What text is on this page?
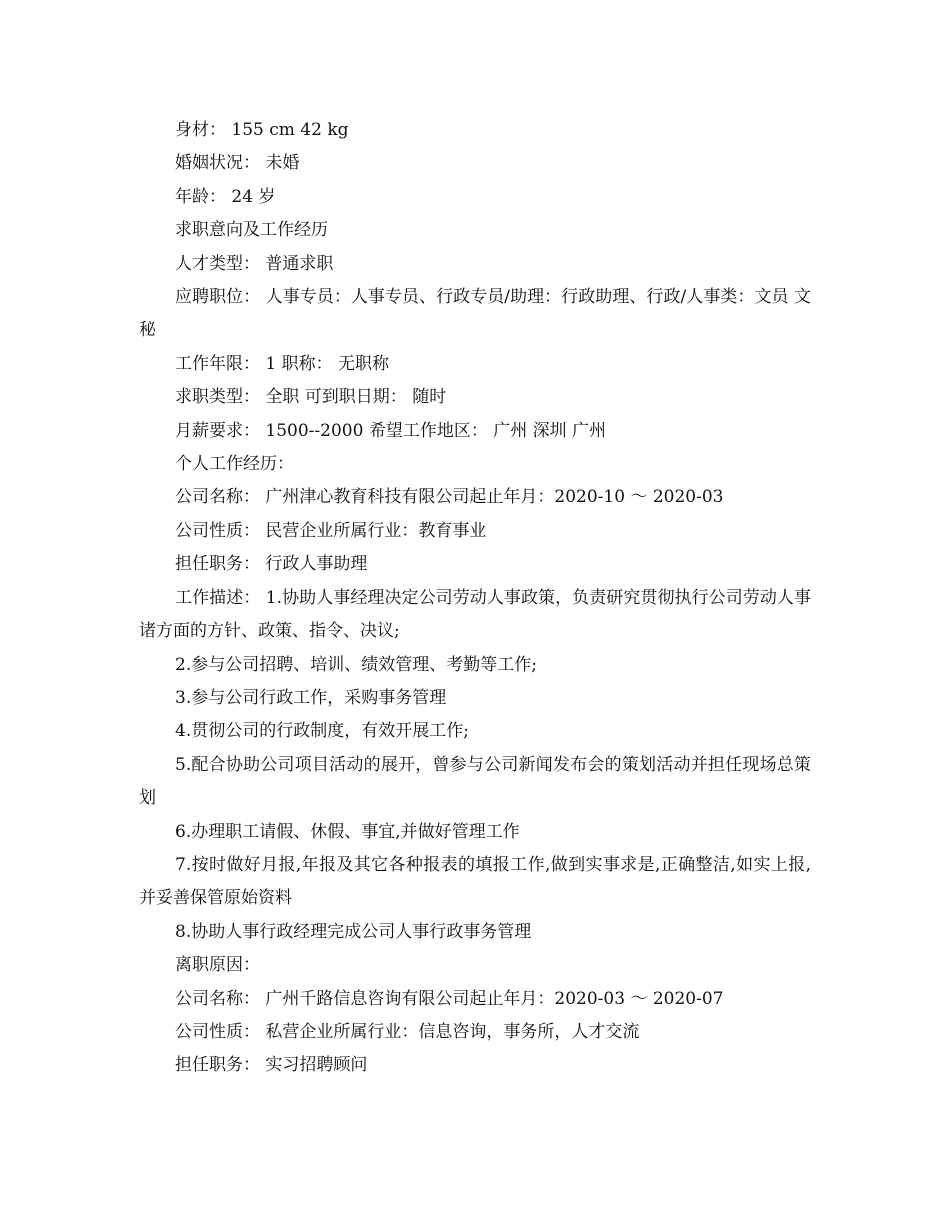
身材： 155 cm 42 kg

婚姻状况： 未婚

年龄： 24 岁

求职意向及工作经历

人才类型： 普通求职

应聘职位： 人事专员：人事专员、行政专员/助理：行政助理、行政/人事类：文员 文秘

工作年限： 1 职称： 无职称

求职类型： 全职 可到职日期： 随时

月薪要求： 1500--2000 希望工作地区： 广州 深圳 广州

个人工作经历：

公司名称： 广州津心教育科技有限公司起止年月：2020-10 ～ 2020-03

公司性质： 民营企业所属行业：教育事业

担任职务： 行政人事助理

工作描述： 1.协助人事经理决定公司劳动人事政策，负责研究贯彻执行公司劳动人事诸方面的方针、政策、指令、决议;

2.参与公司招聘、培训、绩效管理、考勤等工作;

3.参与公司行政工作，采购事务管理

4.贯彻公司的行政制度，有效开展工作;

5.配合协助公司项目活动的展开，曾参与公司新闻发布会的策划活动并担任现场总策划

6.办理职工请假、休假、事宜,并做好管理工作

7.按时做好月报,年报及其它各种报表的填报工作,做到实事求是,正确整洁,如实上报,并妥善保管原始资料

8.协助人事行政经理完成公司人事行政事务管理

离职原因：

公司名称： 广州千路信息咨询有限公司起止年月：2020-03 ～ 2020-07

公司性质： 私营企业所属行业：信息咨询，事务所，人才交流

担任职务： 实习招聘顾问
